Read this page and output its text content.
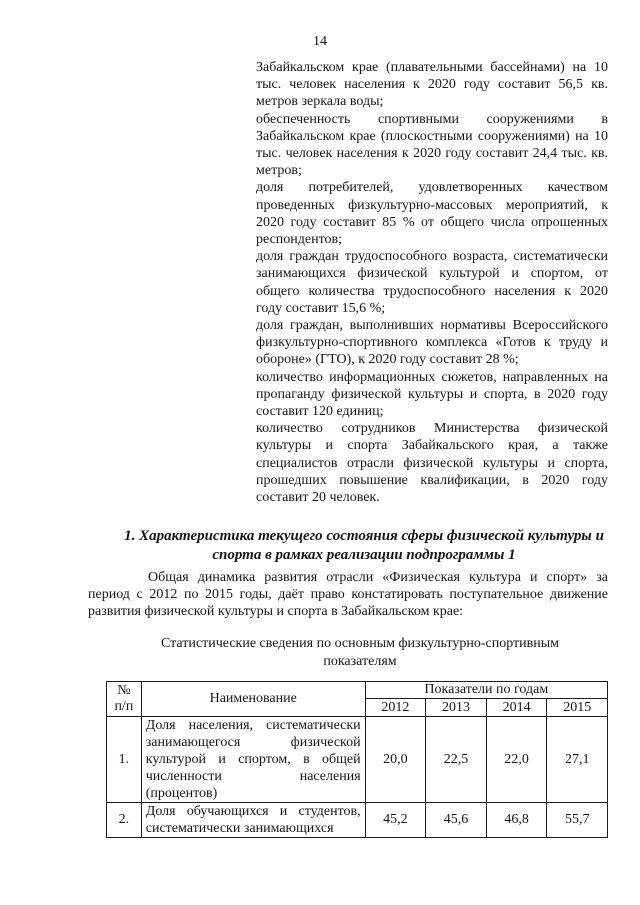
14

Забайкальском крае (плавательными бассейнами) на 10 тыс. человек населения к 2020 году составит 56,5 кв. метров зеркала воды;

обеспеченность спортивными сооружениями в Забайкальском крае (плоскостными сооружениями) на 10 тыс. человек населения к 2020 году составит 24,4 тыс. кв. метров;

доля потребителей, удовлетворенных качеством проведенных физкультурно-массовых мероприятий, к 2020 году составит 85 % от общего числа опрошенных респондентов;

доля граждан трудоспособного возраста, систематически занимающихся физической культурой и спортом, от общего количества трудоспособного населения к 2020 году составит 15,6 %;

доля граждан, выполнивших нормативы Всероссийского физкультурно-спортивного комплекса «Готов к труду и обороне» (ГТО), к 2020 году составит 28 %;

количество информационных сюжетов, направленных на пропаганду физической культуры и спорта, в 2020 году составит 120 единиц;

количество сотрудников Министерства физической культуры и спорта Забайкальского края, а также специалистов отрасли физической культуры и спорта, прошедших повышение квалификации, в 2020 году составит 20 человек.

1. Характеристика текущего состояния сферы физической культуры и спорта в рамках реализации подпрограммы 1
Общая динамика развития отрасли «Физическая культура и спорт» за период с 2012 по 2015 годы, даёт право констатировать поступательное движение развития физической культуры и спорта в Забайкальском крае:
Статистические сведения по основным физкультурно-спортивным показателям
№ п/п	Наименование	Показатели по годам			
		2012	2013	2014	2015
1.	Доля населения, систематически занимающегося физической культурой и спортом, в общей численности населения (процентов)	20,0	22,5	22,0	27,1
2.	Доля обучающихся и студентов, систематически занимающихся	45,2	45,6	46,8	55,7
